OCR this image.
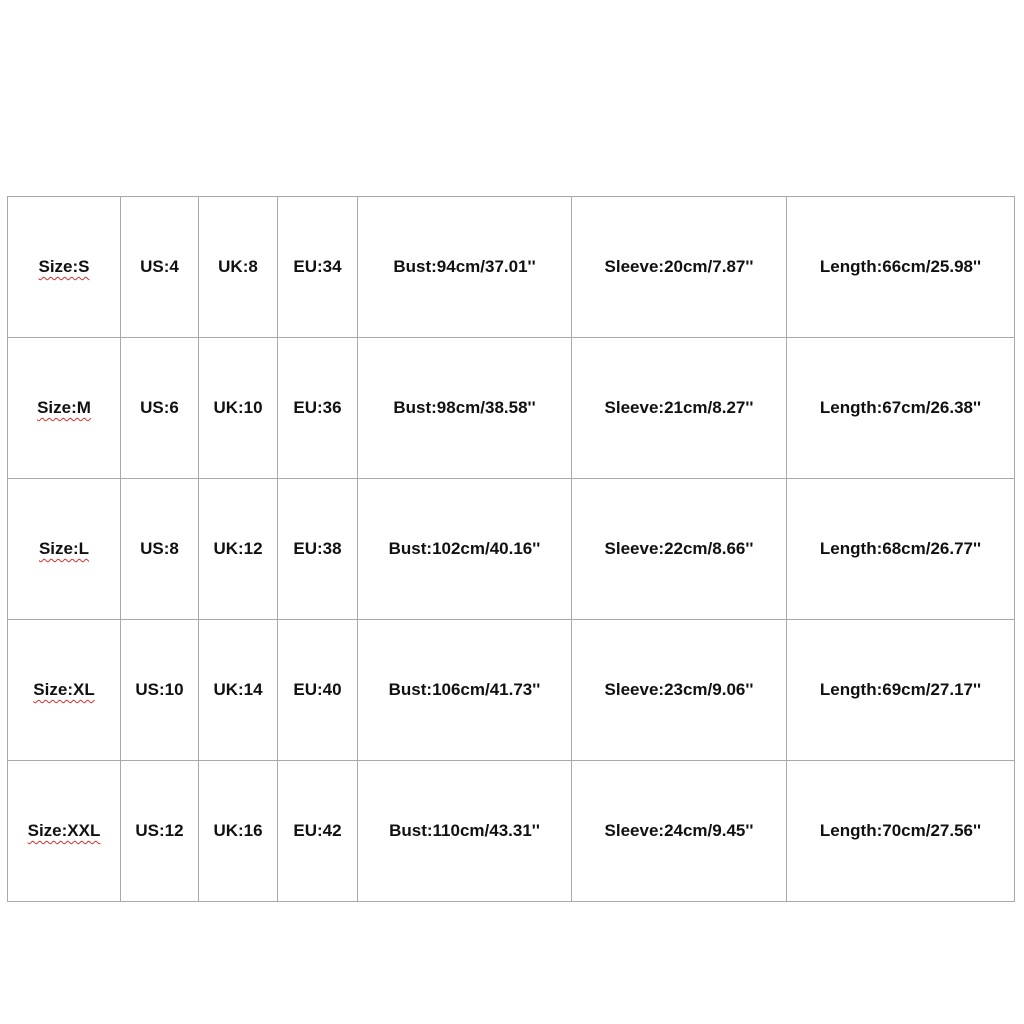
Size:S	US:4	UK:8	EU:34	Bust:94cm/37.01''	Sleeve:20cm/7.87''	Length:66cm/25.98''
Size:M	US:6	UK:10	EU:36	Bust:98cm/38.58''	Sleeve:21cm/8.27''	Length:67cm/26.38''
Size:L	US:8	UK:12	EU:38	Bust:102cm/40.16''	Sleeve:22cm/8.66''	Length:68cm/26.77''
Size:XL	US:10	UK:14	EU:40	Bust:106cm/41.73''	Sleeve:23cm/9.06''	Length:69cm/27.17''
Size:XXL	US:12	UK:16	EU:42	Bust:110cm/43.31''	Sleeve:24cm/9.45''	Length:70cm/27.56''
